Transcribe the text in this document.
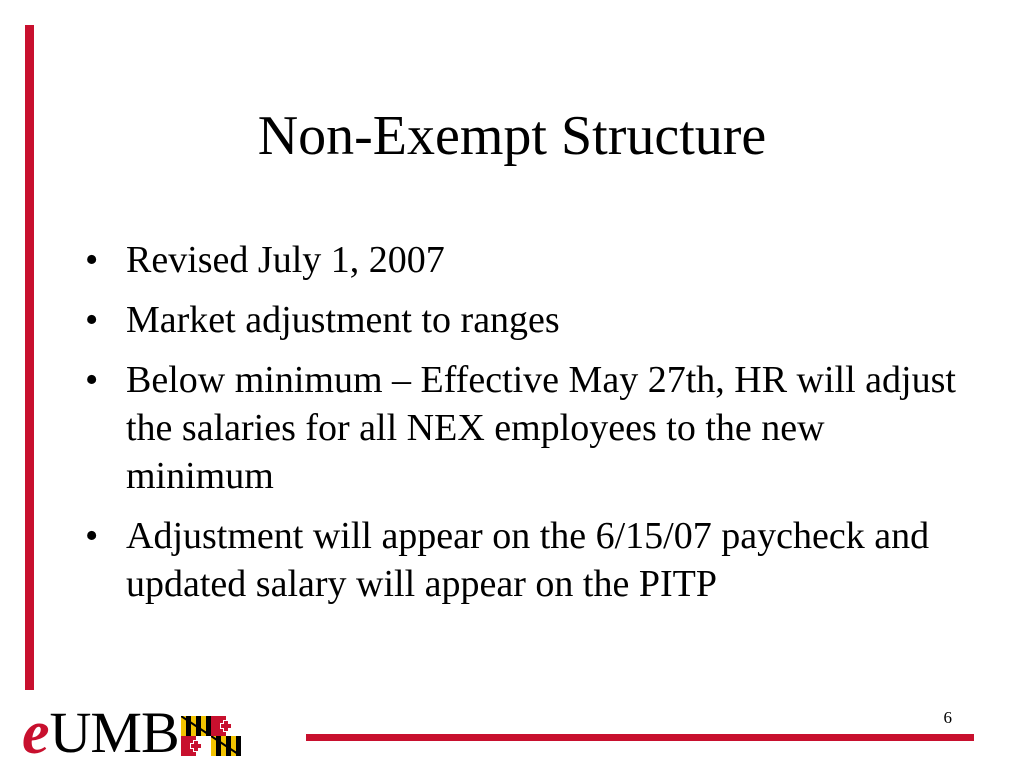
Non-Exempt Structure
• Revised July 1, 2007
• Market adjustment to ranges
• Below minimum – Effective May 27th, HR will adjust the salaries for all NEX employees to the new minimum
• Adjustment will appear on the 6/15/07 paycheck and updated salary will appear on the PITP
e UMB	6
